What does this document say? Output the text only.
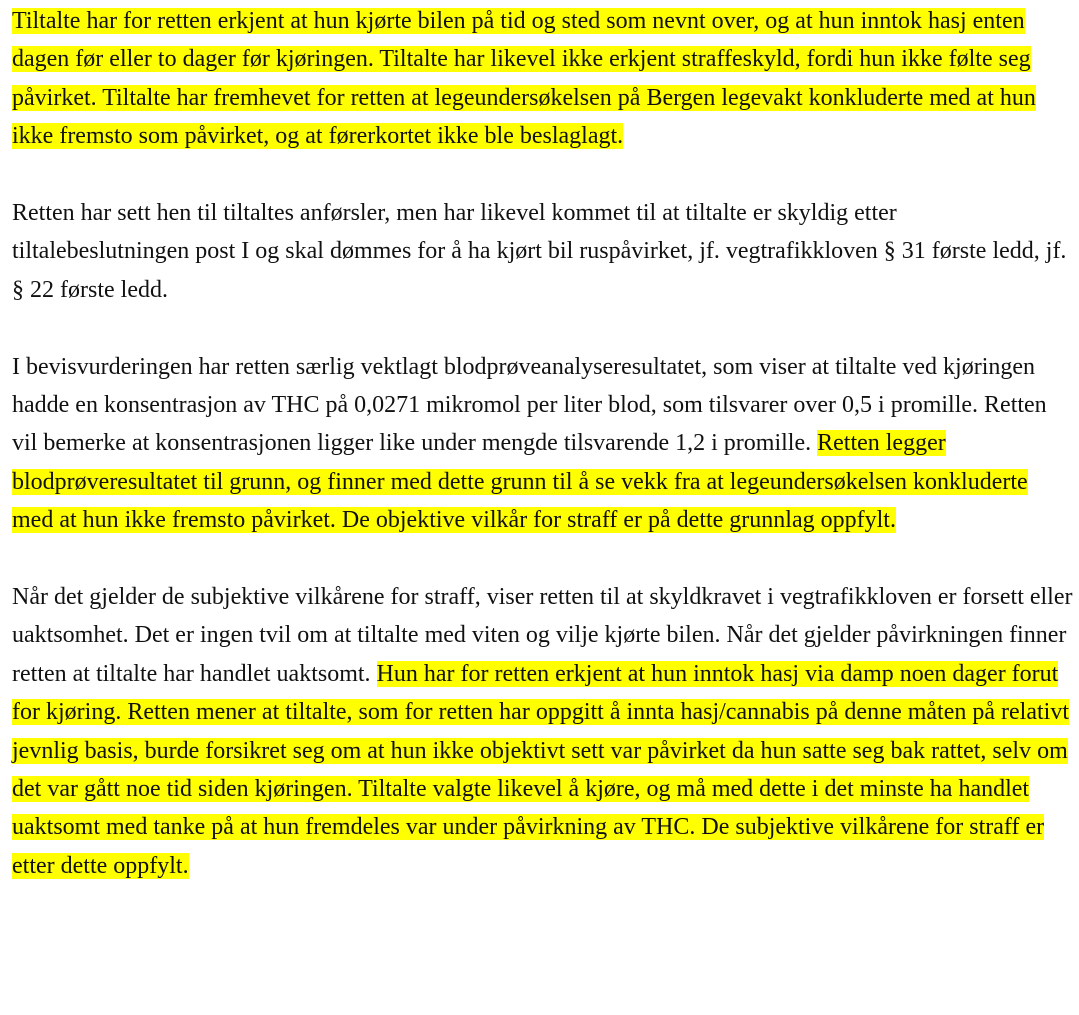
Tiltalte har for retten erkjent at hun kjørte bilen på tid og sted som nevnt over, og at hun inntok hasj enten dagen før eller to dager før kjøringen. Tiltalte har likevel ikke erkjent straffeskyld, fordi hun ikke følte seg påvirket. Tiltalte har fremhevet for retten at legeundersøkelsen på Bergen legevakt konkluderte med at hun ikke fremsto som påvirket, og at førerkortet ikke ble beslaglagt.

Retten har sett hen til tiltaltes anførsler, men har likevel kommet til at tiltalte er skyldig etter tiltalebeslutningen post I og skal dømmes for å ha kjørt bil ruspåvirket, jf. vegtrafikkloven § 31 første ledd, jf. § 22 første ledd.

I bevisvurderingen har retten særlig vektlagt blodprøveanalyseresultatet, som viser at tiltalte ved kjøringen hadde en konsentrasjon av THC på 0,0271 mikromol per liter blod, som tilsvarer over 0,5 i promille. Retten vil bemerke at konsentrasjonen ligger like under mengde tilsvarende 1,2 i promille. Retten legger blodprøveresultatet til grunn, og finner med dette grunn til å se vekk fra at legeundersøkelsen konkluderte med at hun ikke fremsto påvirket. De objektive vilkår for straff er på dette grunnlag oppfylt.

Når det gjelder de subjektive vilkårene for straff, viser retten til at skyldkravet i vegtrafikkloven er forsett eller uaktsomhet. Det er ingen tvil om at tiltalte med viten og vilje kjørte bilen. Når det gjelder påvirkningen finner retten at tiltalte har handlet uaktsomt. Hun har for retten erkjent at hun inntok hasj via damp noen dager forut for kjøring. Retten mener at tiltalte, som for retten har oppgitt å innta hasj/cannabis på denne måten på relativt jevnlig basis, burde forsikret seg om at hun ikke objektivt sett var påvirket da hun satte seg bak rattet, selv om det var gått noe tid siden kjøringen. Tiltalte valgte likevel å kjøre, og må med dette i det minste ha handlet uaktsomt med tanke på at hun fremdeles var under påvirkning av THC. De subjektive vilkårene for straff er etter dette oppfylt.
